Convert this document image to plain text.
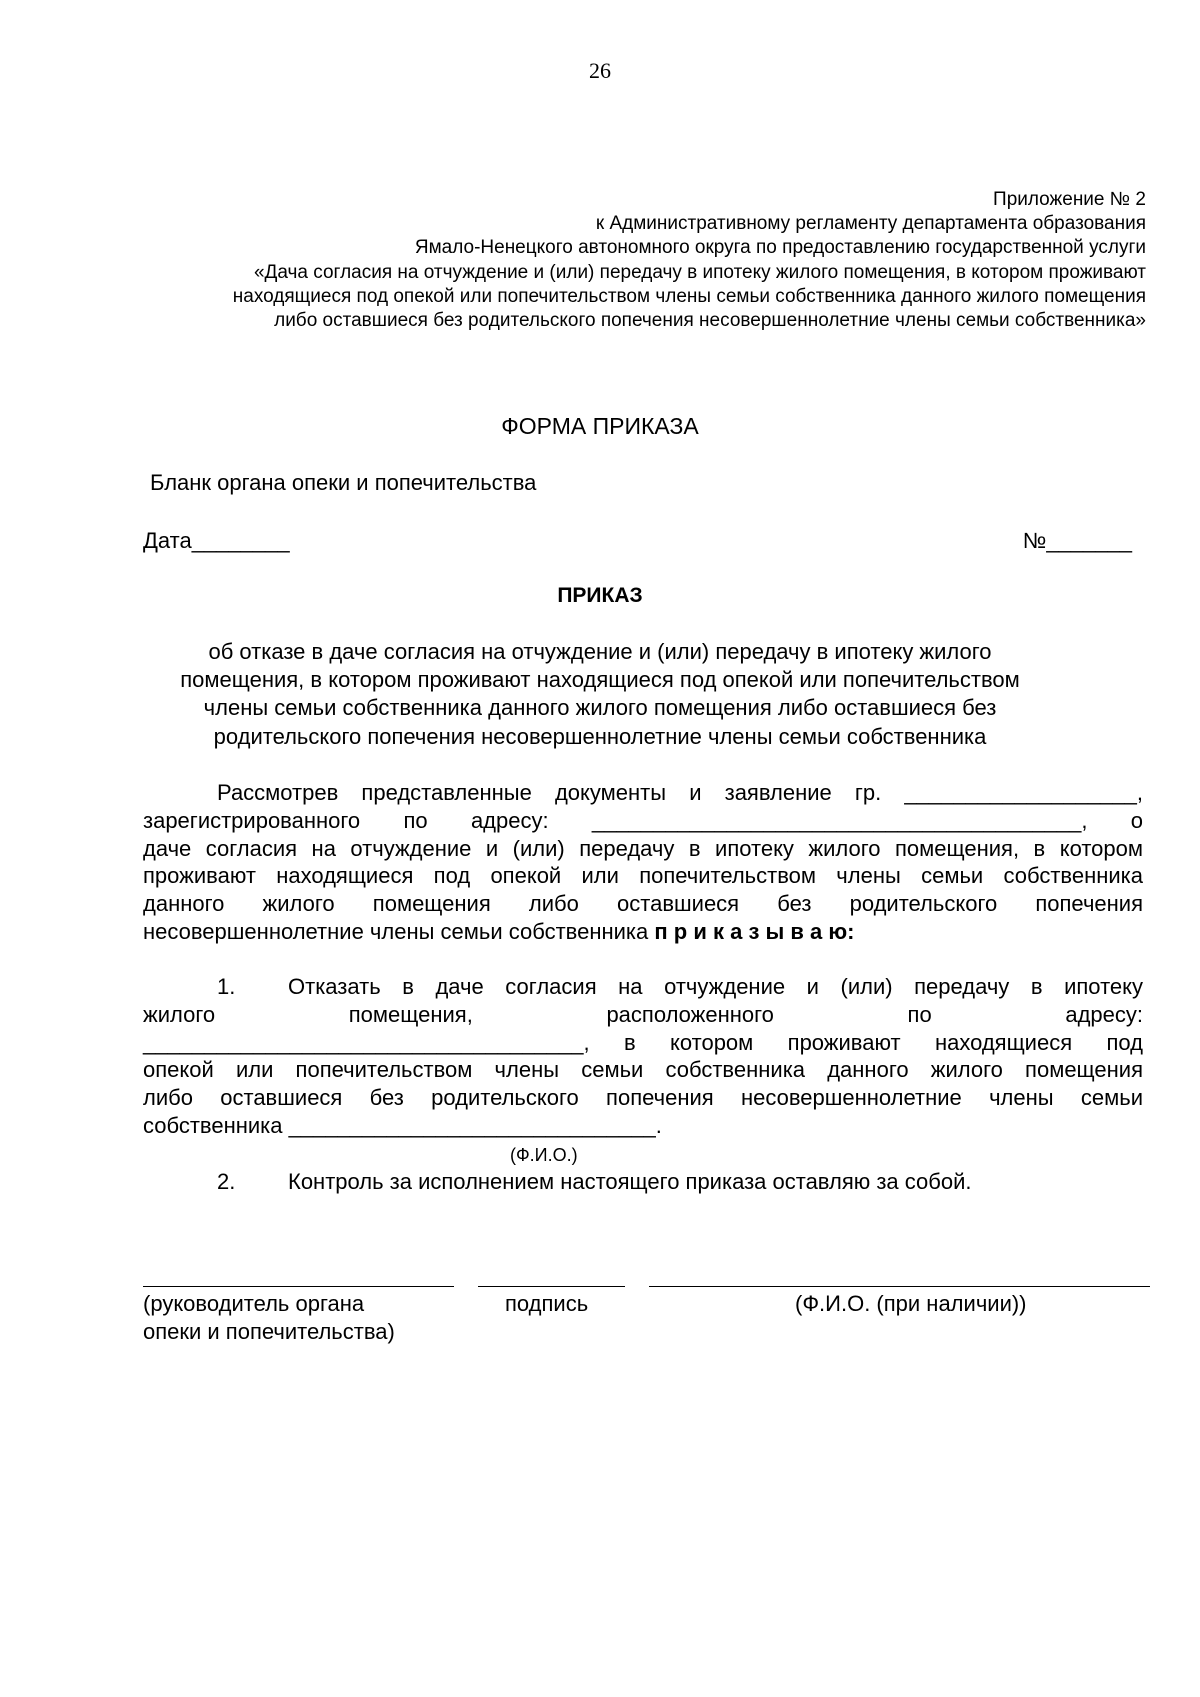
26
Приложение № 2
к Административному регламенту департамента образования
Ямало-Ненецкого автономного округа по предоставлению государственной услуги
«Дача согласия на отчуждение и (или) передачу в ипотеку жилого помещения, в котором проживают
находящиеся под опекой или попечительством члены семьи собственника данного жилого помещения
либо оставшиеся без родительского попечения несовершеннолетние члены семьи собственника»
ФОРМА ПРИКАЗА
Бланк органа опеки и попечительства
Дата________	№_______
ПРИКАЗ
об отказе в даче согласия на отчуждение и (или) передачу в ипотеку жилого
помещения, в котором проживают находящиеся под опекой или попечительством
члены семьи собственника данного жилого помещения либо оставшиеся без
родительского попечения несовершеннолетние члены семьи собственника
Рассмотрев представленные документы и заявление гр. ___________________,
зарегистрированного по адресу: ________________________________________, о
даче согласия на отчуждение и (или) передачу в ипотеку жилого помещения, в котором
проживают находящиеся под опекой или попечительством члены семьи собственника
данного жилого помещения либо оставшиеся без родительского попечения
несовершеннолетние члены семьи собственника п р и к а з ы в а ю:
1. Отказать в даче согласия на отчуждение и (или) передачу в ипотеку
жилого помещения, расположенного по адресу:
____________________________________, в котором проживают находящиеся под
опекой или попечительством члены семьи собственника данного жилого помещения
либо оставшиеся без родительского попечения несовершеннолетние члены семьи
собственника ______________________________.
(Ф.И.О.)
2. Контроль за исполнением настоящего приказа оставляю за собой.
(руководитель органа
опеки и попечительства)
подпись	(Ф.И.О. (при наличии))
